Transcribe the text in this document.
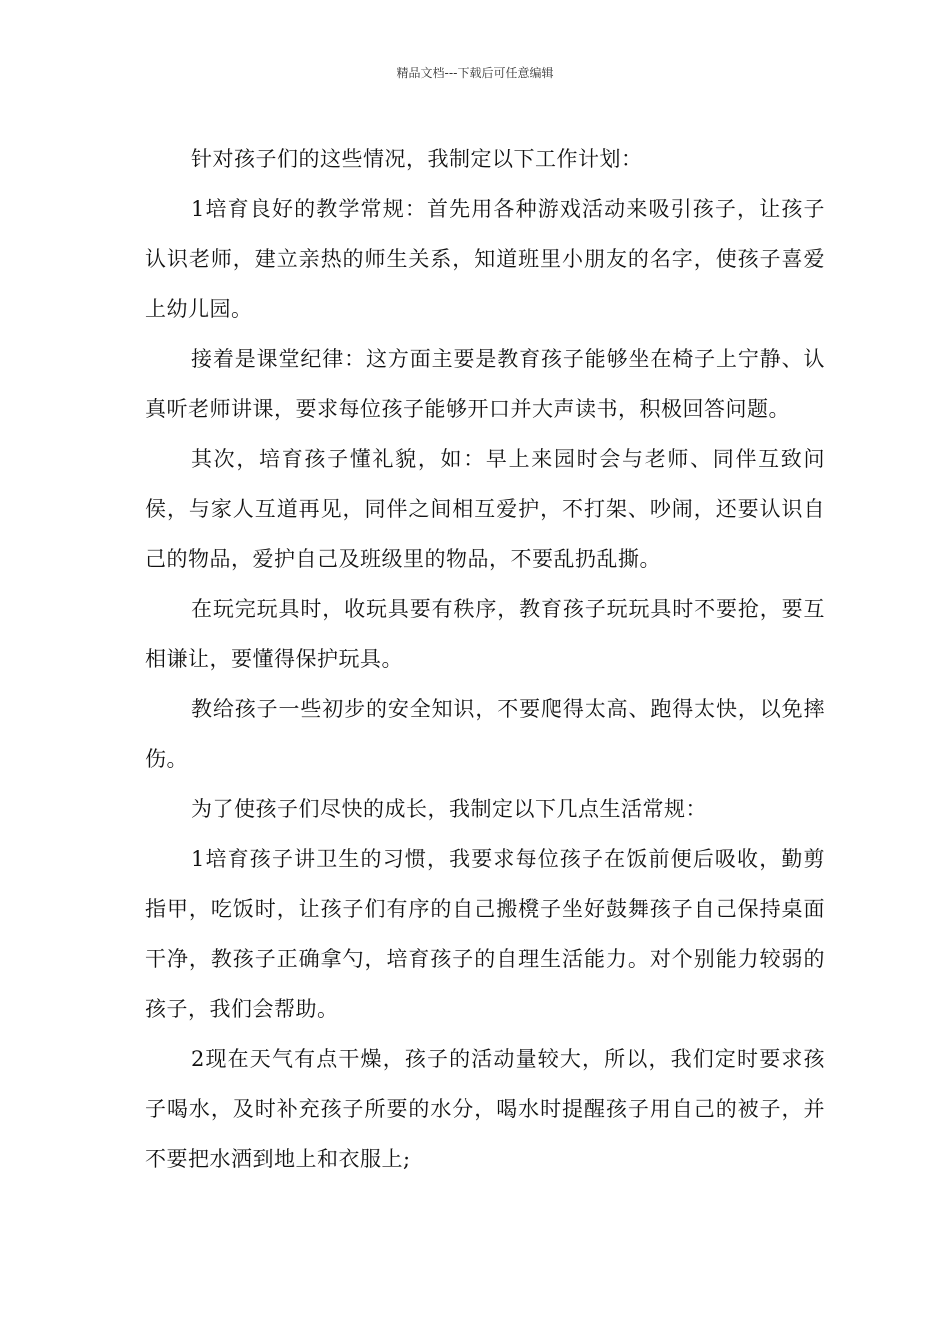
精品文档---下载后可任意编辑

针对孩子们的这些情况，我制定以下工作计划：

1培育良好的教学常规：首先用各种游戏活动来吸引孩子，让孩子认识老师，建立亲热的师生关系，知道班里小朋友的名字，使孩子喜爱上幼儿园。

接着是课堂纪律：这方面主要是教育孩子能够坐在椅子上宁静、认真听老师讲课，要求每位孩子能够开口并大声读书，积极回答问题。

其次，培育孩子懂礼貌，如：早上来园时会与老师、同伴互致问侯，与家人互道再见，同伴之间相互爱护，不打架、吵闹，还要认识自己的物品，爱护自己及班级里的物品，不要乱扔乱撕。

在玩完玩具时，收玩具要有秩序，教育孩子玩玩具时不要抢，要互相谦让，要懂得保护玩具。

教给孩子一些初步的安全知识，不要爬得太高、跑得太快，以免摔伤。

为了使孩子们尽快的成长，我制定以下几点生活常规：

1培育孩子讲卫生的习惯，我要求每位孩子在饭前便后吸收，勤剪指甲，吃饭时，让孩子们有序的自己搬櫈子坐好鼓舞孩子自己保持桌面干净，教孩子正确拿勺，培育孩子的自理生活能力。对个别能力较弱的孩子，我们会帮助。

2现在天气有点干燥，孩子的活动量较大，所以，我们定时要求孩子喝水，及时补充孩子所要的水分，喝水时提醒孩子用自己的被子，并不要把水洒到地上和衣服上;
